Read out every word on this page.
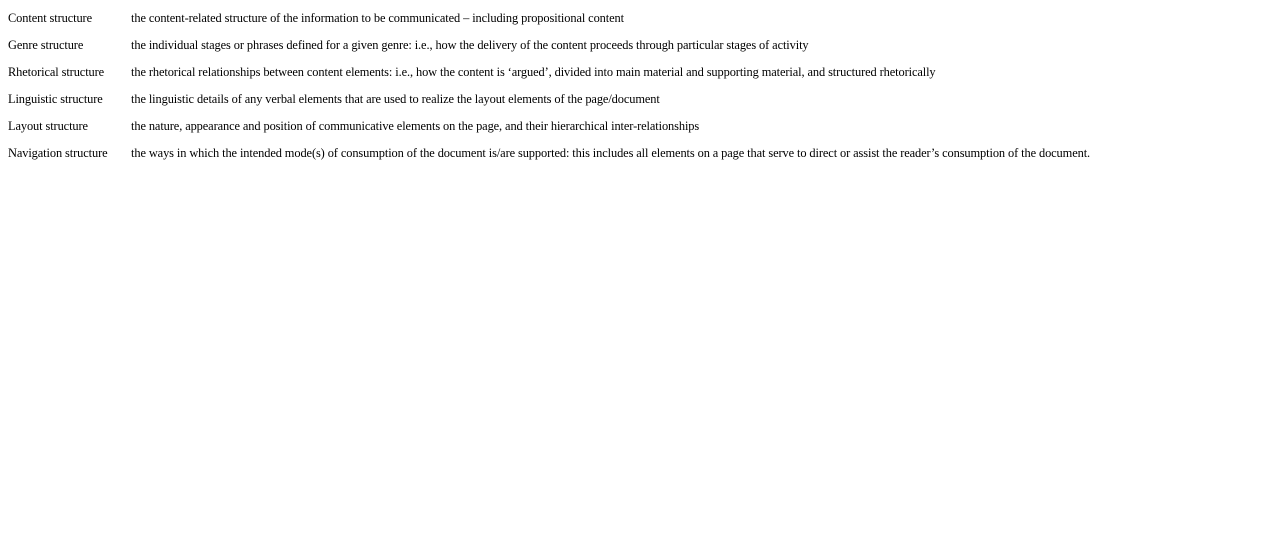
Content structure	the content-related structure of the information to be communicated – including propositional content
Genre structure	the individual stages or phrases defined for a given genre: i.e., how the delivery of the content proceeds through particular stages of activity
Rhetorical structure	the rhetorical relationships between content elements: i.e., how the content is ‘argued’, divided into main material and supporting material, and structured rhetorically
Linguistic structure	the linguistic details of any verbal elements that are used to realize the layout elements of the page/document
Layout structure	the nature, appearance and position of communicative elements on the page, and their hierarchical inter-relationships
Navigation structure	the ways in which the intended mode(s) of consumption of the document is/are supported: this includes all elements on a page that serve to direct or assist the reader’s consumption of the document.
